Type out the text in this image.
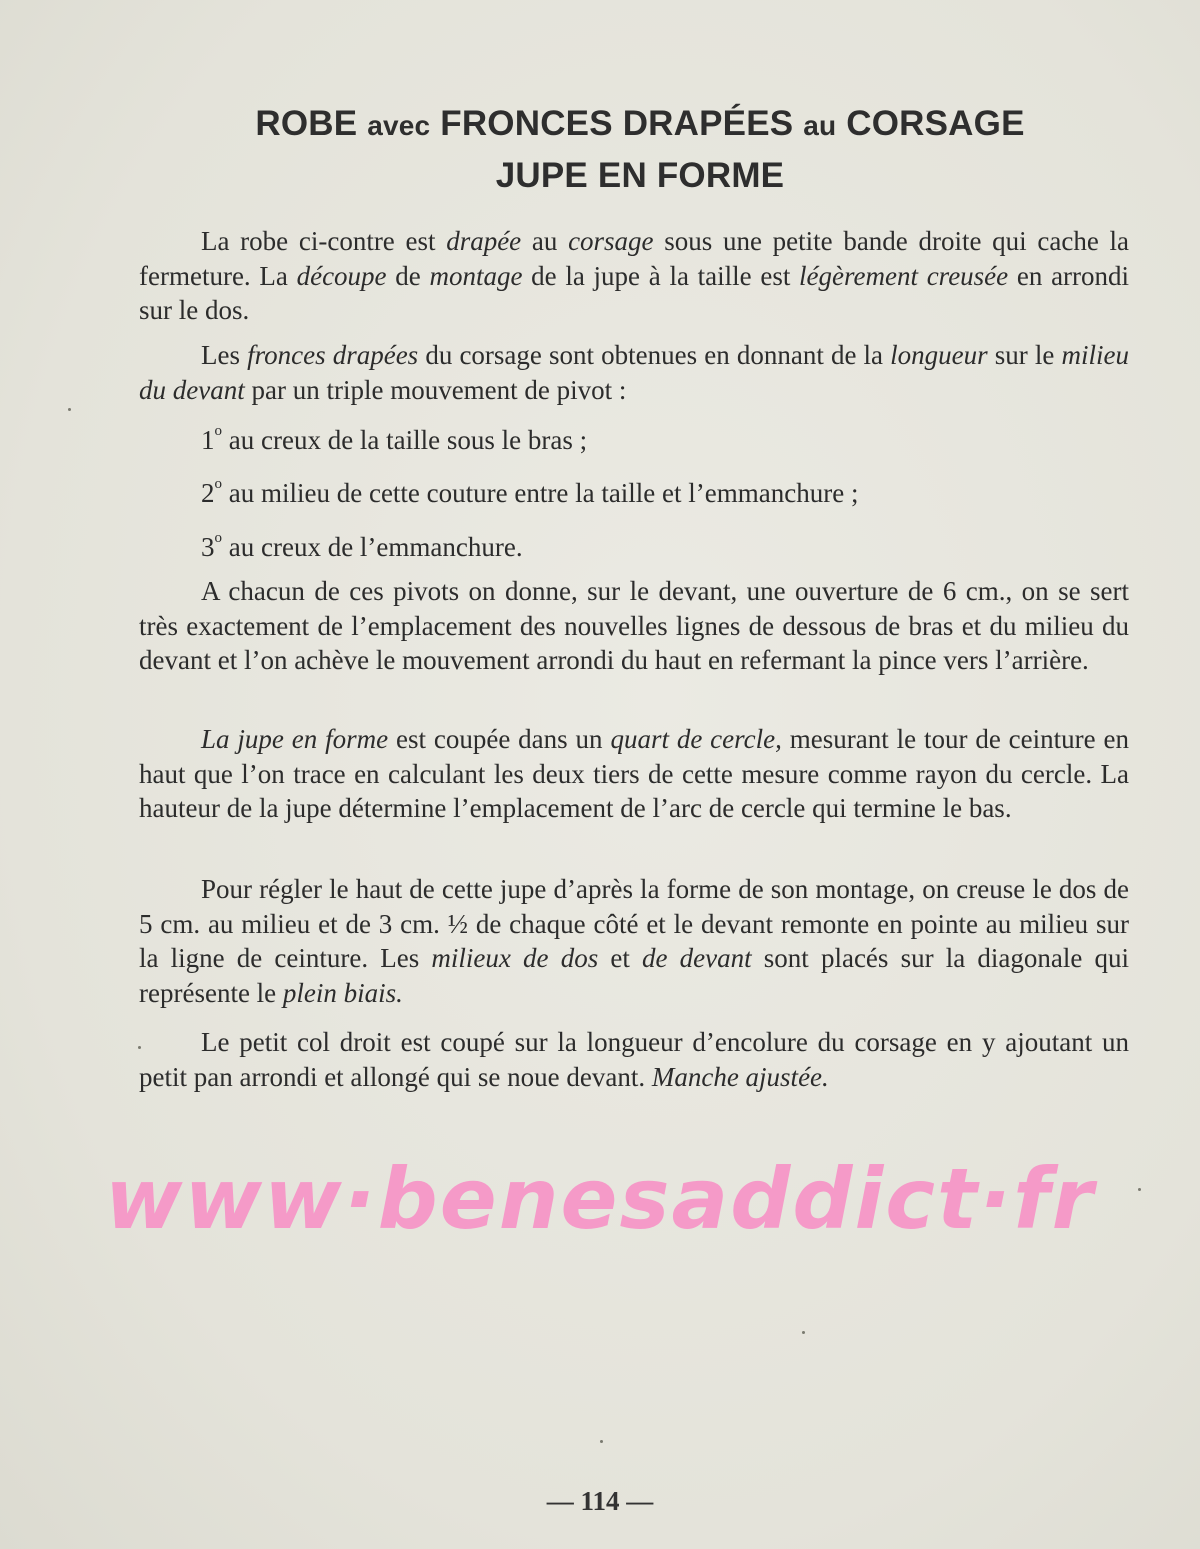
ROBE avec FRONCES DRAPÉES au CORSAGE
JUPE EN FORME

La robe ci-contre est drapée au corsage sous une petite bande droite qui cache la fermeture. La découpe de montage de la jupe à la taille est légèrement creusée en arrondi sur le dos.

Les fronces drapées du corsage sont obtenues en donnant de la longueur sur le milieu du devant par un triple mouvement de pivot :

1$^o$ au creux de la taille sous le bras ;
2$^o$ au milieu de cette couture entre la taille et l’emmanchure ;
3$^o$ au creux de l’emmanchure.

A chacun de ces pivots on donne, sur le devant, une ouverture de 6 cm., on se sert très exactement de l’emplacement des nouvelles lignes de dessous de bras et du milieu du devant et l’on achève le mouvement arrondi du haut en refermant la pince vers l’arrière.

La jupe en forme est coupée dans un quart de cercle, mesurant le tour de ceinture en haut que l’on trace en calculant les deux tiers de cette mesure comme rayon du cercle. La hauteur de la jupe détermine l’emplacement de l’arc de cercle qui termine le bas.

Pour régler le haut de cette jupe d’après la forme de son montage, on creuse le dos de 5 cm. au milieu et de 3 cm. ½ de chaque côté et le devant remonte en pointe au milieu sur la ligne de ceinture. Les milieux de dos et de devant sont placés sur la diagonale qui représente le plein biais.

Le petit col droit est coupé sur la longueur d’encolure du corsage en y ajoutant un petit pan arrondi et allongé qui se noue devant. Manche ajustée.

www·benesaddict·fr
— 114 —
